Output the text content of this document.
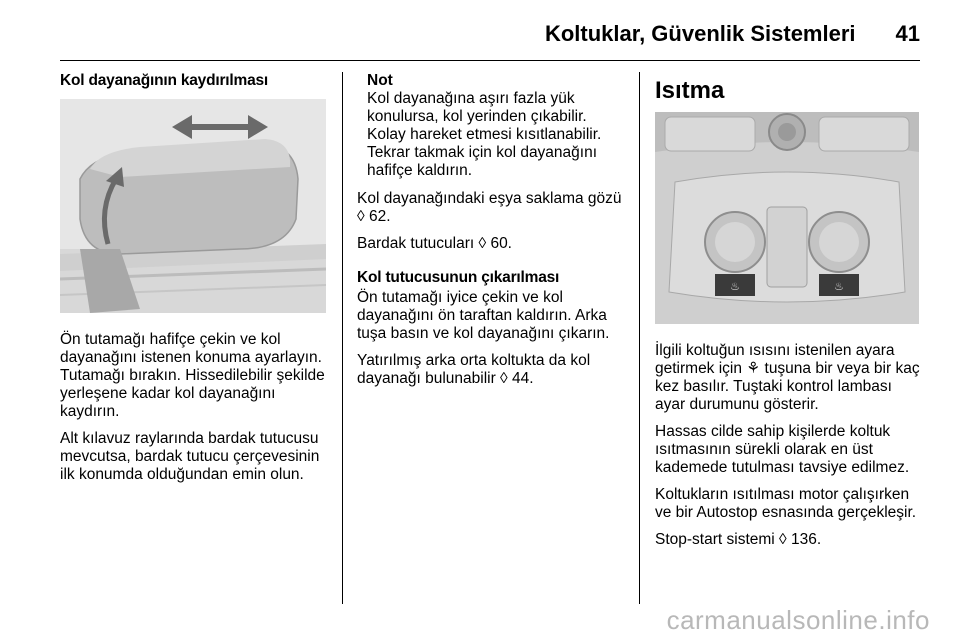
Koltuklar, Güvenlik Sistemleri 41

Kol dayanağının kaydırılması

Ön tutamağı hafifçe çekin ve kol dayanağını istenen konuma ayarlayın. Tutamağı bırakın. Hissedilebilir şekilde yerleşene kadar kol dayanağını kaydırın.

Alt kılavuz raylarında bardak tutucusu mevcutsa, bardak tutucu çerçevesinin ilk konumda olduğundan emin olun.

Not
Kol dayanağına aşırı fazla yük konulursa, kol yerinden çıkabilir. Kolay hareket etmesi kısıtlanabilir. Tekrar takmak için kol dayanağını hafifçe kaldırın.

Kol dayanağındaki eşya saklama gözü ◊ 62.

Bardak tutucuları ◊ 60.

Kol tutucusunun çıkarılması

Ön tutamağı iyice çekin ve kol dayanağını ön taraftan kaldırın. Arka tuşa basın ve kol dayanağını çıkarın.

Yatırılmış arka orta koltukta da kol dayanağı bulunabilir ◊ 44.

Isıtma
♨	♨

İlgili koltuğun ısısını istenilen ayara getirmek için ⚘ tuşuna bir veya bir kaç kez basılır. Tuştaki kontrol lambası ayar durumunu gösterir.

Hassas cilde sahip kişilerde koltuk ısıtmasının sürekli olarak en üst kademede tutulması tavsiye edilmez.

Koltukların ısıtılması motor çalışırken ve bir Autostop esnasında gerçekleşir.

Stop-start sistemi ◊ 136.

carmanualsonline.info
